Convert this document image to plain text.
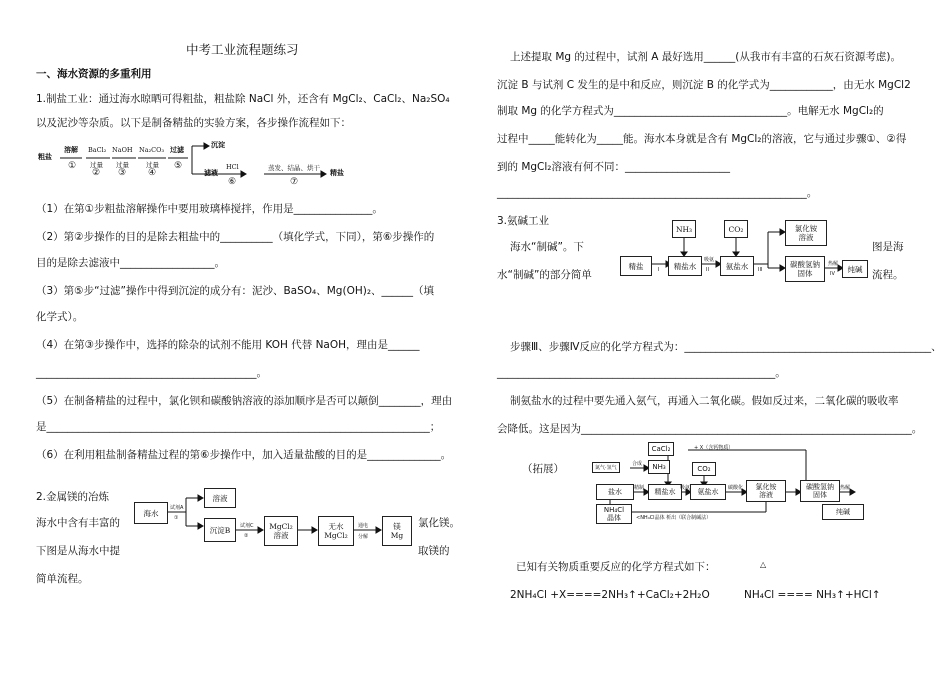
中考工业流程题练习
一、海水资源的多重利用
1.制盐工业：通过海水晾晒可得粗盐，粗盐除 NaCl 外，还含有 MgCl₂、CaCl₂、Na₂SO₄
以及泥沙等杂质。以下是制备精盐的实验方案，各步操作流程如下：
粗盐
溶解
①
BaCl₂
过量
②
NaOH
过量
③
Na₂CO₃
过量
④
过滤
⑤
沉淀
滤液
HCl
⑥
蒸发、结晶、烘干
⑦
精盐
（1）在第①步粗盐溶解操作中要用玻璃棒搅拌，作用是_______________。
（2）第②步操作的目的是除去粗盐中的__________（填化学式，下同），第⑥步操作的
目的是除去滤液中__________________。
（3）第⑤步“过滤”操作中得到沉淀的成分有：泥沙、BaSO₄、Mg(OH)₂、______（填
化学式）。
（4）在第③步操作中，选择的除杂的试剂不能用 KOH 代替 NaOH，理由是______
__________________________________________。
（5）在制备精盐的过程中，氯化钡和碳酸钠溶液的添加顺序是否可以颠倒________，理由
是_________________________________________________________________________；
（6）在利用粗盐制备精盐过程的第⑥步操作中，加入适量盐酸的目的是______________。
2.金属镁的冶炼
海水中含有丰富的
下图是从海水中提
简单流程。
氯化镁。
取镁的
海水
试剂A
①
溶液
沉淀B 试剂C
②
MgCl₂
溶液
无水
MgCl₂
通电
分解
镁
Mg
上述提取 Mg 的过程中，试剂 A 最好选用______(从我市有丰富的石灰石资源考虑)。
沉淀 B 与试剂 C 发生的是中和反应，则沉淀 B 的化学式为____________，由无水 MgCl2
制取 Mg 的化学方程式为_________________________________。电解无水 MgCl₂的
过程中_____能转化为_____能。海水本身就是含有 MgCl₂的溶液，它与通过步骤①、②得
到的 MgCl₂溶液有何不同：____________________
___________________________________________________________。
3.氨碱工业
海水“制碱”。下
水“制碱”的部分简单
图是海
流程。
NH₃	CO₂
精盐	I 精盐水
吸氨
II 氨盐水 III
氯化铵
溶液
碳酸氢钠
固体
热解
IV
纯碱
步骤Ⅲ、步骤Ⅳ反应的化学方程式为：_______________________________________________、
_____________________________________________________。
制氨盐水的过程中要先通入氨气，再通入二氧化碳。假如反过来，二氧化碳的吸收率
会降低。这是因为_______________________________________________________________。
（拓展）
CaCl₂	+ X（含钙物质）
氮气·氢气
合成 NH₃	CO₂
盐水 精制 精盐水 吸氨 氨盐水 碳酸化 氯化铵
溶液
碳酸氢钠
固体
热解
纯碱
NH₄Cl
晶体	<NH₄Cl晶体 析出（联合制碱法）
已知有关物质重要反应的化学方程式如下：	△
2NH₄Cl +X====2NH₃↑+CaCl₂+2H₂O	NH₄Cl ==== NH₃↑+HCl↑
